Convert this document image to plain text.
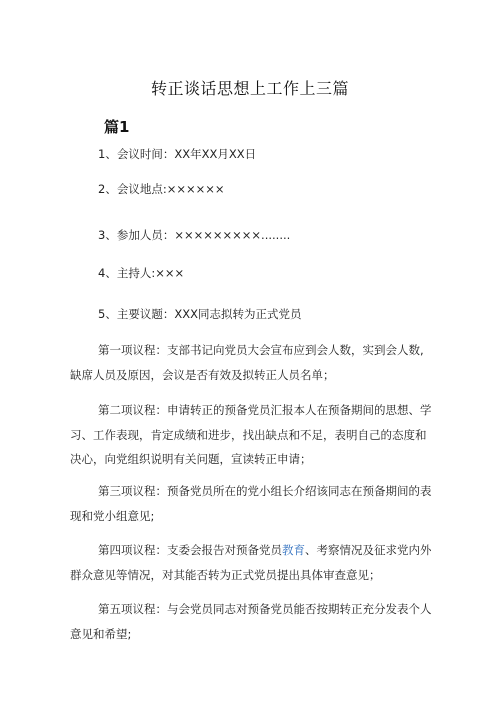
转正谈话思想上工作上三篇
篇1
1、会议时间：XX年XX月XX日
2、会议地点:××××××
3、参加人员：×××××××××........
4、主持人:×××
5、主要议题：XXX同志拟转为正式党员
第一项议程：支部书记向党员大会宣布应到会人数，实到会人数,缺席人员及原因，会议是否有效及拟转正人员名单；
第二项议程：申请转正的预备党员汇报本人在预备期间的思想、学习、工作表现，肯定成绩和进步，找出缺点和不足，表明自己的态度和决心，向党组织说明有关问题，宣读转正申请；
第三项议程：预备党员所在的党小组长介绍该同志在预备期间的表现和党小组意见;
第四项议程：支委会报告对预备党员教育、考察情况及征求党内外群众意见等情况，对其能否转为正式党员提出具体审查意见；
第五项议程：与会党员同志对预备党员能否按期转正充分发表个人意见和希望;
